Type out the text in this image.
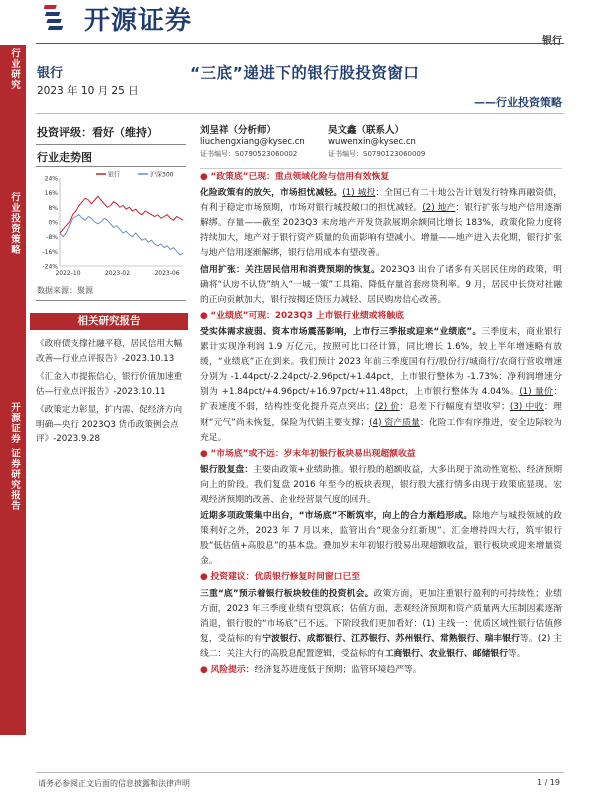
开源证券
银行
行业研究
行业投资策略
开源证券 证券研究报告
银行
2023 年 10 月 25 日
“三底”递进下的银行股投资窗口
——行业投资策略
投资评级：看好（维持）
行业走势图
24%
16%
8%
0%
-8%
-16%
-24%
2022-10	2023-02	2023-06
银行	沪深300
数据来源：聚源
相关研究报告

《政府债支撑社融平稳，居民信用大幅改善—行业点评报告》-2023.10.13

《汇金入市提振信心，银行价值加速重估—行业点评报告》-2023.10.11

《政策定力彰显，扩内需、促经济方向明确—央行 2023Q3 货币政策例会点评》-2023.9.28

刘呈祥（分析师）
liuchengxiang@kysec.cn
证书编号：S0790523060002
吴文鑫（联系人）
wuwenxin@kysec.cn
证书编号：S0790123060009

● “政策底”已现：重点领域化险与信用有效恢复

化险政策有的放矢，市场担忧减轻。(1) 城投：全国已有二十地公告计划发行特殊再融资债，有利于稳定市场预期，市场对银行城投敞口的担忧减轻。(2) 地产：银行扩张与地产信用逐渐解绑。存量——截至 2023Q3 末房地产开发贷款展期余额同比增长 183%，政策化险力度将持续加大，地产对于银行资产质量的负面影响有望减小。增量——地产进入去化期，银行扩张与地产信用逐渐解绑，银行信用成本有望改善。

信用扩张：关注居民信用和消费预期的恢复。2023Q3 出台了诸多有关居民住房的政策，明确将“认房不认贷”纳入“一城一策”工具箱、降低存量首套房贷利率。9 月，居民中长贷对社融的正向贡献加大，银行按揭还贷压力减轻、居民购房信心改善。

● “业绩底”可现：2023Q3 上市银行业绩或将触底

受实体需求疲弱、资本市场震荡影响，上市行三季报或迎来“业绩底”。三季度末，商业银行累计实现净利润 1.9 万亿元，按照可比口径计算，同比增长 1.6%，较上半年增速略有放缓，“业绩底”正在到来。我们预计 2023 年前三季度国有行/股份行/城商行/农商行营收增速分别为 -1.44pct/-2.24pct/-2.96pct/+1.44pct，上市银行整体为 -1.73%；净利润增速分别为 +1.84pct/+4.96pct/+16.97pct/+11.48pct，上市银行整体为 4.04%。(1) 量价：扩表速度不弱，结构性变化提升亮点突出；(2) 价：息差下行幅度有望收窄；(3) 中收：理财“元气”尚未恢复，保险为代销主要支撑；(4) 资产质量：化险工作有序推进，安全边际较为充足。

● “市场底”或不远：岁末年初银行板块易出现超额收益

银行股复盘：主要由政策+业绩助推。银行股的超额收益，大多出现于流动性宽松、经济预期向上的阶段。我们复盘 2016 年至今的板块表现，银行股大涨行情多由现于政策底显现、宏观经济预期的改善、企业经营景气度的回升。

近期多项政策集中出台，“市场底”不断筑牢，向上的合力渐趋形成。除地产与城投领域的政策利好之外，2023 年 7 月以来，监管出台“现金分红新规”、汇金增持四大行，筑牢银行股“低估值+高股息”的基本盘。叠加岁末年初银行股易出现超额收益，银行板块或迎来增量资金。

● 投资建议：优质银行修复时间窗口已至

三重“底”预示着银行板块较佳的投资机会。政策方面，更加注重银行盈利的可持续性；业绩方面，2023 年三季度业绩有望筑底；估值方面，悲观经济预期和资产质量两大压制因素逐渐消退，银行股的“市场底”已不远。下阶段我们更加看好：(1) 主线一：优质区域性银行估值修复，受益标的有宁波银行、成都银行、江苏银行、苏州银行、常熟银行、瑞丰银行等。(2) 主线二：关注大行的高股息配置逻辑，受益标的有工商银行、农业银行、邮储银行等。

● 风险提示：经济复苏进度低于预期；监管环境趋严等。

请务必参阅正文后面的信息披露和法律声明	1 / 19
